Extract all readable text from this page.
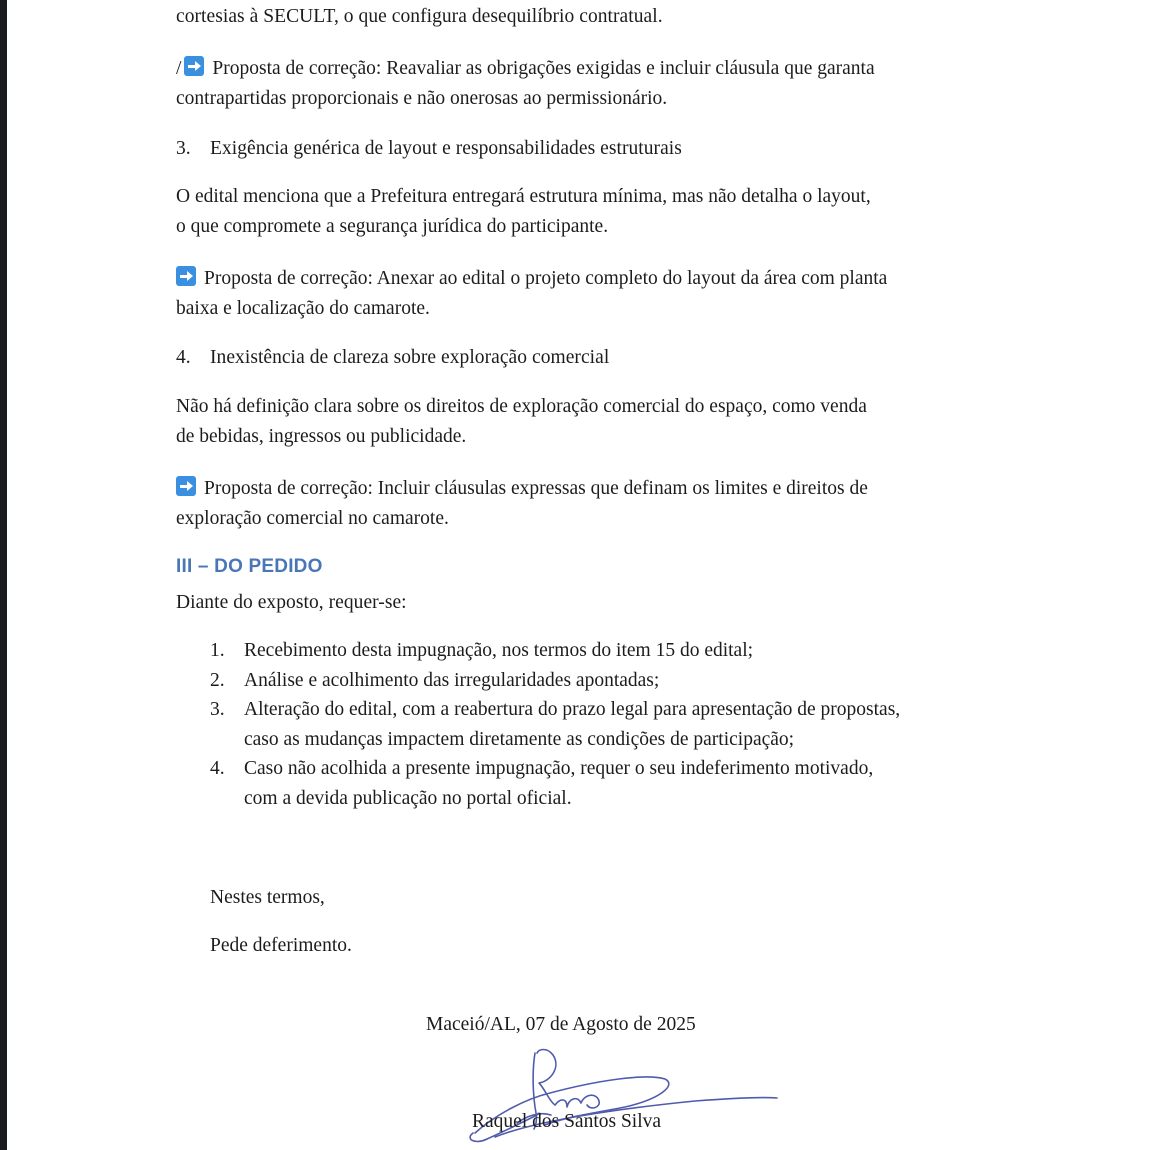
cortesias à SECULT, o que configura desequilíbrio contratual.
/ Proposta de correção: Reavaliar as obrigações exigidas e incluir cláusula que garanta
contrapartidas proporcionais e não onerosas ao permissionário.
3. Exigência genérica de layout e responsabilidades estruturais
O edital menciona que a Prefeitura entregará estrutura mínima, mas não detalha o layout,
o que compromete a segurança jurídica do participante.
Proposta de correção: Anexar ao edital o projeto completo do layout da área com planta
baixa e localização do camarote.
4. Inexistência de clareza sobre exploração comercial
Não há definição clara sobre os direitos de exploração comercial do espaço, como venda
de bebidas, ingressos ou publicidade.
Proposta de correção: Incluir cláusulas expressas que definam os limites e direitos de
exploração comercial no camarote.
III – DO PEDIDO
Diante do exposto, requer-se:
1. Recebimento desta impugnação, nos termos do item 15 do edital;
2. Análise e acolhimento das irregularidades apontadas;
3. Alteração do edital, com a reabertura do prazo legal para apresentação de propostas,
caso as mudanças impactem diretamente as condições de participação;
4. Caso não acolhida a presente impugnação, requer o seu indeferimento motivado,
com a devida publicação no portal oficial.
Nestes termos,
Pede deferimento.
Maceió/AL, 07 de Agosto de 2025
Raquel dos Santos Silva
